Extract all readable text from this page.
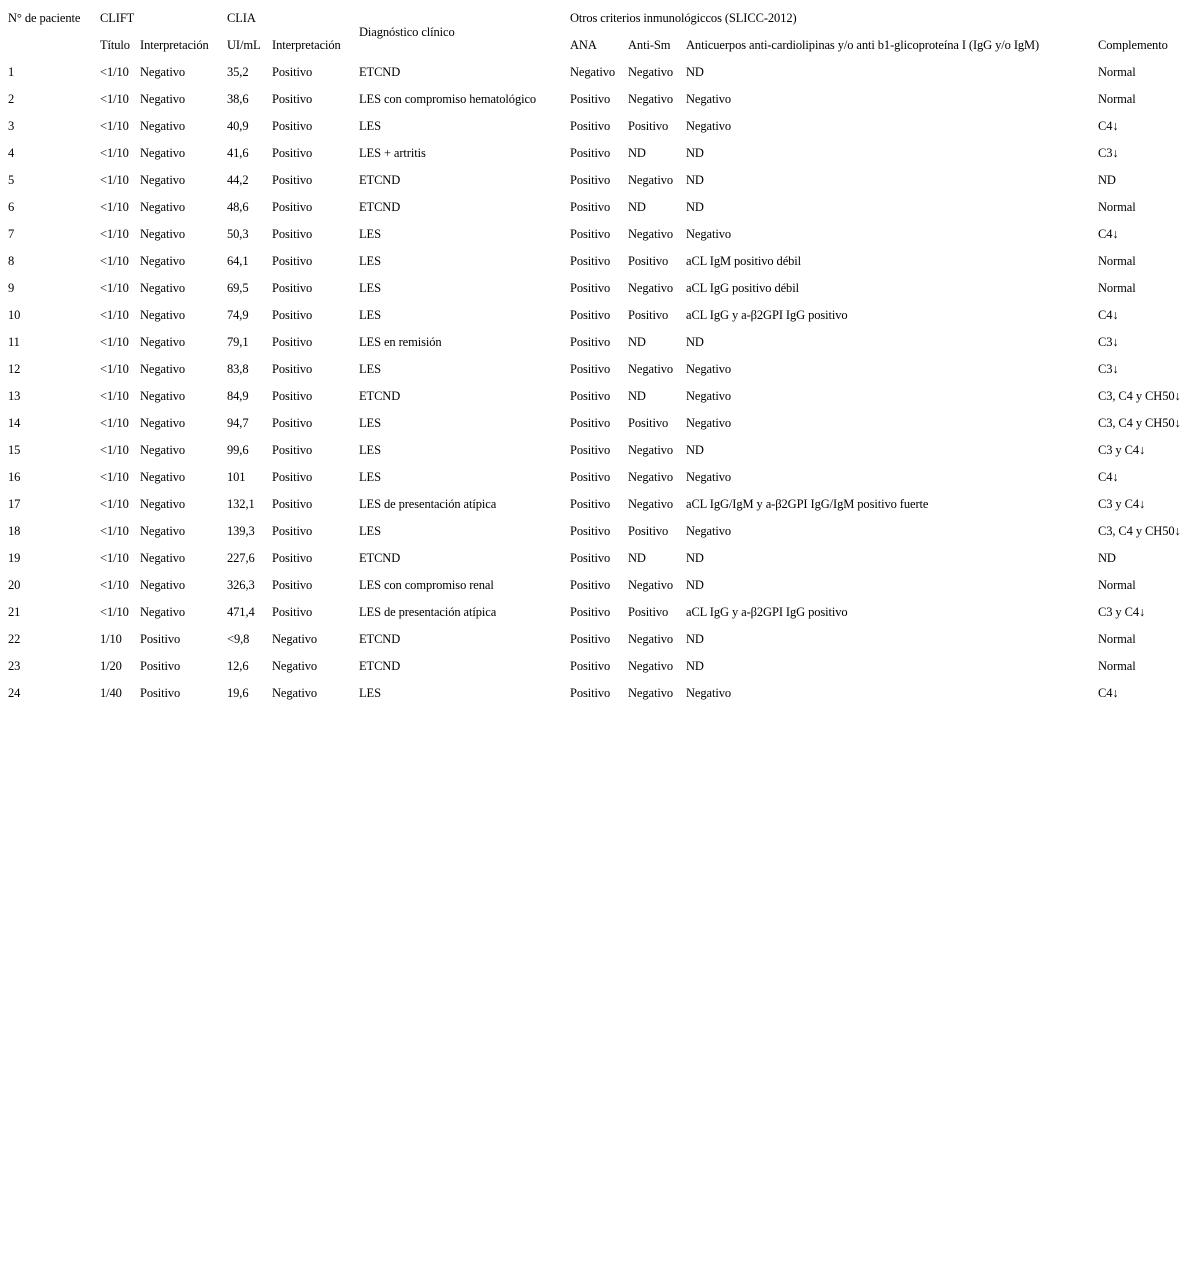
N° de paciente	CLIFT		CLIA		Diagnóstico clínico	Otros criterios inmunológiccos (SLICC-2012)			
	Título	Interpretación	UI/mL	Interpretación		ANA	Anti-Sm	Anticuerpos anti-cardiolipinas y/o anti b1-glicoproteína I (IgG y/o IgM)	Complemento
1	<1/10	Negativo	35,2	Positivo	ETCND	Negativo	Negativo	ND	Normal
2	<1/10	Negativo	38,6	Positivo	LES con compromiso hematológico	Positivo	Negativo	Negativo	Normal
3	<1/10	Negativo	40,9	Positivo	LES	Positivo	Positivo	Negativo	C4↓
4	<1/10	Negativo	41,6	Positivo	LES + artritis	Positivo	ND	ND	C3↓
5	<1/10	Negativo	44,2	Positivo	ETCND	Positivo	Negativo	ND	ND
6	<1/10	Negativo	48,6	Positivo	ETCND	Positivo	ND	ND	Normal
7	<1/10	Negativo	50,3	Positivo	LES	Positivo	Negativo	Negativo	C4↓
8	<1/10	Negativo	64,1	Positivo	LES	Positivo	Positivo	aCL IgM positivo débil	Normal
9	<1/10	Negativo	69,5	Positivo	LES	Positivo	Negativo	aCL IgG positivo débil	Normal
10	<1/10	Negativo	74,9	Positivo	LES	Positivo	Positivo	aCL IgG y a-β2GPI IgG positivo	C4↓
11	<1/10	Negativo	79,1	Positivo	LES en remisión	Positivo	ND	ND	C3↓
12	<1/10	Negativo	83,8	Positivo	LES	Positivo	Negativo	Negativo	C3↓
13	<1/10	Negativo	84,9	Positivo	ETCND	Positivo	ND	Negativo	C3, C4 y CH50↓
14	<1/10	Negativo	94,7	Positivo	LES	Positivo	Positivo	Negativo	C3, C4 y CH50↓
15	<1/10	Negativo	99,6	Positivo	LES	Positivo	Negativo	ND	C3 y C4↓
16	<1/10	Negativo	101	Positivo	LES	Positivo	Negativo	Negativo	C4↓
17	<1/10	Negativo	132,1	Positivo	LES de presentación atípica	Positivo	Negativo	aCL IgG/IgM y a-β2GPI IgG/IgM positivo fuerte	C3 y C4↓
18	<1/10	Negativo	139,3	Positivo	LES	Positivo	Positivo	Negativo	C3, C4 y CH50↓
19	<1/10	Negativo	227,6	Positivo	ETCND	Positivo	ND	ND	ND
20	<1/10	Negativo	326,3	Positivo	LES con compromiso renal	Positivo	Negativo	ND	Normal
21	<1/10	Negativo	471,4	Positivo	LES de presentación atípica	Positivo	Positivo	aCL IgG y a-β2GPI IgG positivo	C3 y C4↓
22	1/10	Positivo	<9,8	Negativo	ETCND	Positivo	Negativo	ND	Normal
23	1/20	Positivo	12,6	Negativo	ETCND	Positivo	Negativo	ND	Normal
24	1/40	Positivo	19,6	Negativo	LES	Positivo	Negativo	Negativo	C4↓
